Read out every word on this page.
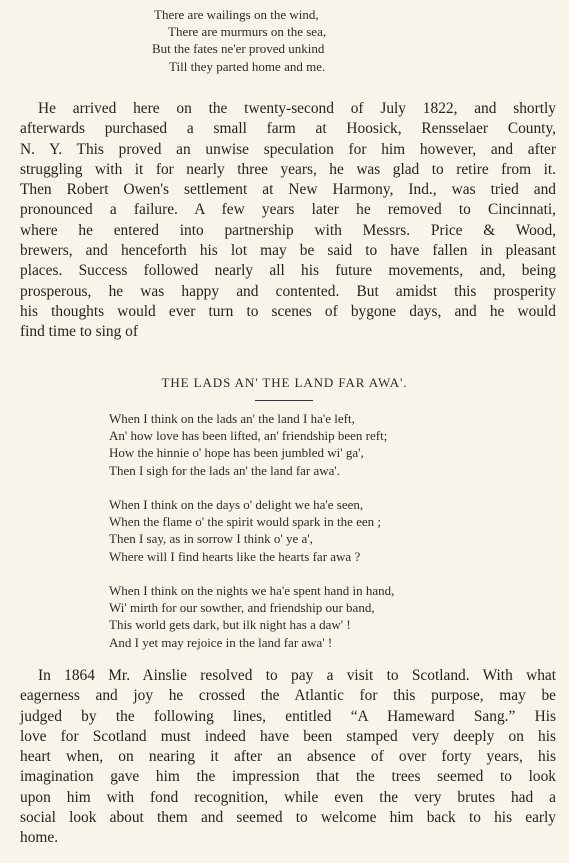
There are wailings on the wind,
There are murmurs on the sea,
But the fates ne'er proved unkind
Till they parted home and me.
He arrived here on the twenty-second of July 1822, and shortly
afterwards purchased a small farm at Hoosick, Rensselaer County,
N. Y. This proved an unwise speculation for him however, and after
struggling with it for nearly three years, he was glad to retire from it.
Then Robert Owen's settlement at New Harmony, Ind., was tried and
pronounced a failure. A few years later he removed to Cincinnati,
where he entered into partnership with Messrs. Price & Wood,
brewers, and henceforth his lot may be said to have fallen in pleasant
places. Success followed nearly all his future movements, and, being
prosperous, he was happy and contented. But amidst this prosperity
his thoughts would ever turn to scenes of bygone days, and he would
find time to sing of
THE LADS AN' THE LAND FAR AWA'.
When I think on the lads an' the land I ha'e left,
An' how love has been lifted, an' friendship been reft;
How the hinnie o' hope has been jumbled wi' ga',
Then I sigh for the lads an' the land far awa'.
When I think on the days o' delight we ha'e seen,
When the flame o' the spirit would spark in the een ;
Then I say, as in sorrow I think o' ye a',
Where will I find hearts like the hearts far awa ?
When I think on the nights we ha'e spent hand in hand,
Wi' mirth for our sowther, and friendship our band,
This world gets dark, but ilk night has a daw' !
And I yet may rejoice in the land far awa' !
In 1864 Mr. Ainslie resolved to pay a visit to Scotland. With what
eagerness and joy he crossed the Atlantic for this purpose, may be
judged by the following lines, entitled “A Hameward Sang.” His
love for Scotland must indeed have been stamped very deeply on his
heart when, on nearing it after an absence of over forty years, his
imagination gave him the impression that the trees seemed to look
upon him with fond recognition, while even the very brutes had a
social look about them and seemed to welcome him back to his early
home.
